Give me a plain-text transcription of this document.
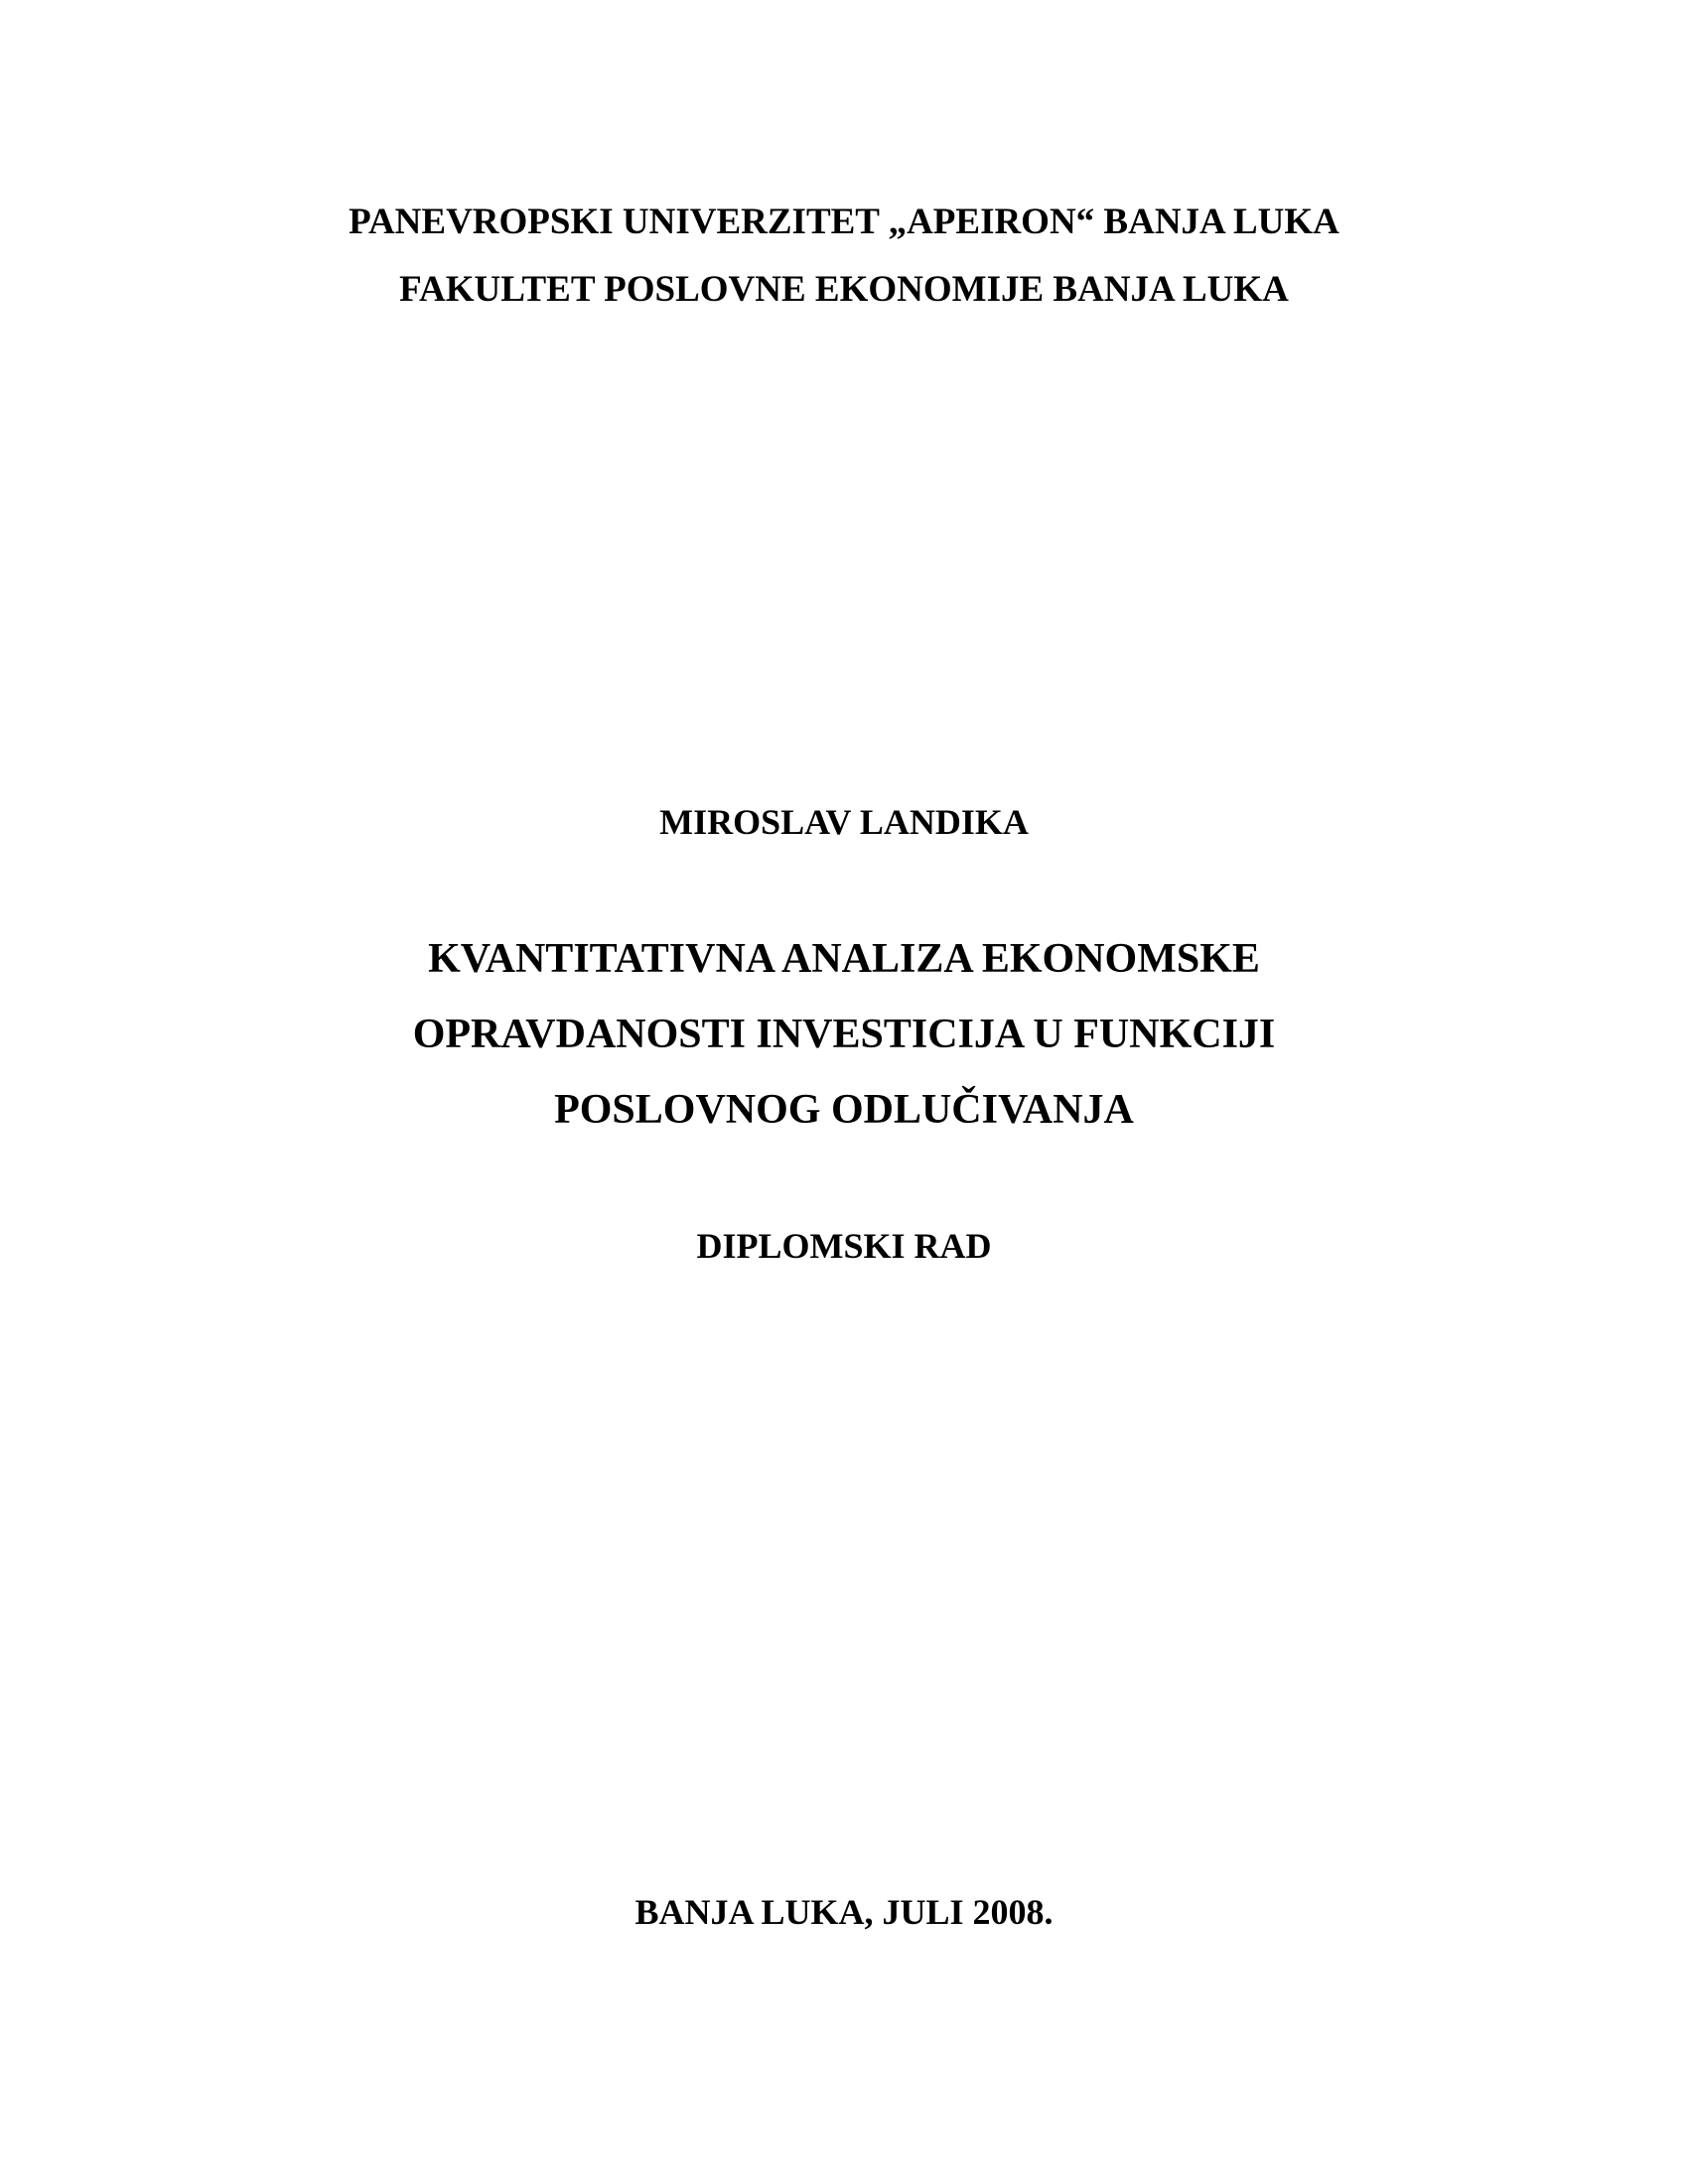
PANEVROPSKI UNIVERZITET „APEIRON“ BANJA LUKA
FAKULTET POSLOVNE EKONOMIJE BANJA LUKA
MIROSLAV LANDIKA
KVANTITATIVNA ANALIZA EKONOMSKE
OPRAVDANOSTI INVESTICIJA U FUNKCIJI
POSLOVNOG ODLUČIVANJA
DIPLOMSKI RAD
BANJA LUKA, JULI 2008.
